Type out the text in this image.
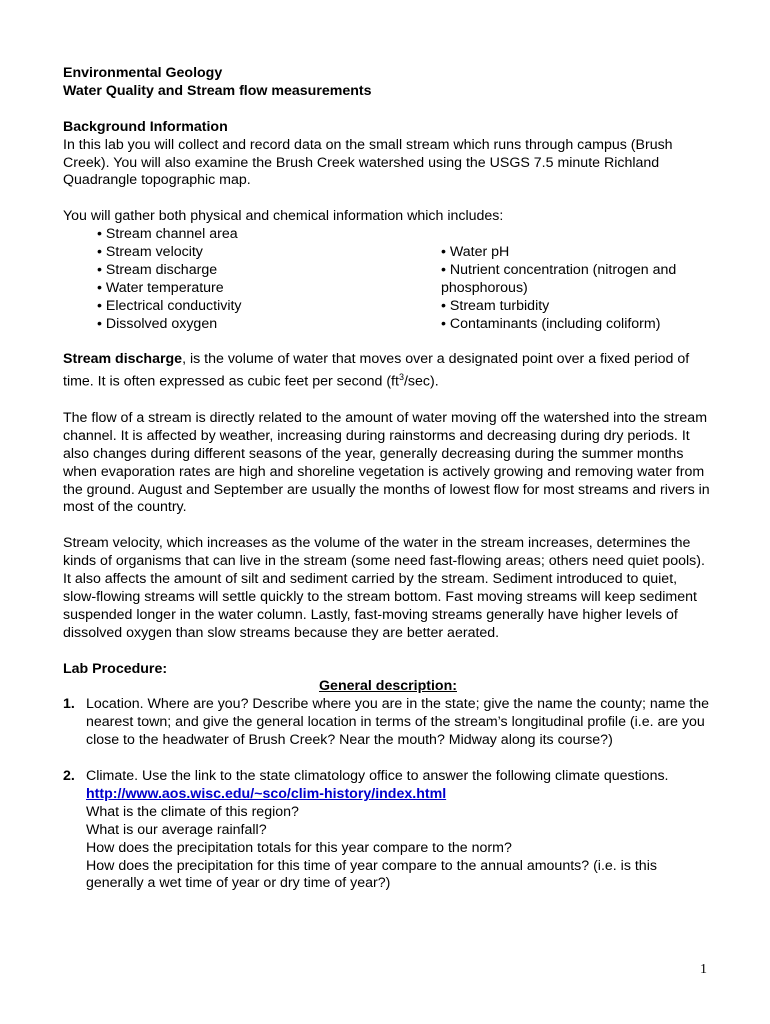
Environmental Geology

Water Quality and Stream flow measurements

Background Information

In this lab you will collect and record data on the small stream which runs through campus (Brush Creek). You will also examine the Brush Creek watershed using the USGS 7.5 minute Richland Quadrangle topographic map.

You will gather both physical and chemical information which includes:

• Stream channel area

• Stream velocity

• Stream discharge

• Water temperature

• Electrical conductivity

• Dissolved oxygen

• Water pH

• Nutrient concentration (nitrogen and phosphorous)

• Stream turbidity

• Contaminants (including coliform)

Stream discharge, is the volume of water that moves over a designated point over a fixed period of time. It is often expressed as cubic feet per second $(ft^3/\sec)$.

The flow of a stream is directly related to the amount of water moving off the watershed into the stream channel. It is affected by weather, increasing during rainstorms and decreasing during dry periods. It also changes during different seasons of the year, generally decreasing during the summer months when evaporation rates are high and shoreline vegetation is actively growing and removing water from the ground. August and September are usually the months of lowest flow for most streams and rivers in most of the country.

Stream velocity, which increases as the volume of the water in the stream increases, determines the kinds of organisms that can live in the stream (some need fast-flowing areas; others need quiet pools). It also affects the amount of silt and sediment carried by the stream. Sediment introduced to quiet, slow-flowing streams will settle quickly to the stream bottom. Fast moving streams will keep sediment suspended longer in the water column. Lastly, fast-moving streams generally have higher levels of dissolved oxygen than slow streams because they are better aerated.

Lab Procedure:

General description:

1. Location. Where are you? Describe where you are in the state; give the name the county; name the nearest town; and give the general location in terms of the stream’s longitudinal profile (i.e. are you close to the headwater of Brush Creek? Near the mouth? Midway along its course?)
2. Climate. Use the link to the state climatology office to answer the following climate questions. http://www.aos.wisc.edu/~sco/clim-history/index.html

What is the climate of this region?

What is our average rainfall?

How does the precipitation totals for this year compare to the norm?

How does the precipitation for this time of year compare to the annual amounts? (i.e. is this generally a wet time of year or dry time of year?)

1
